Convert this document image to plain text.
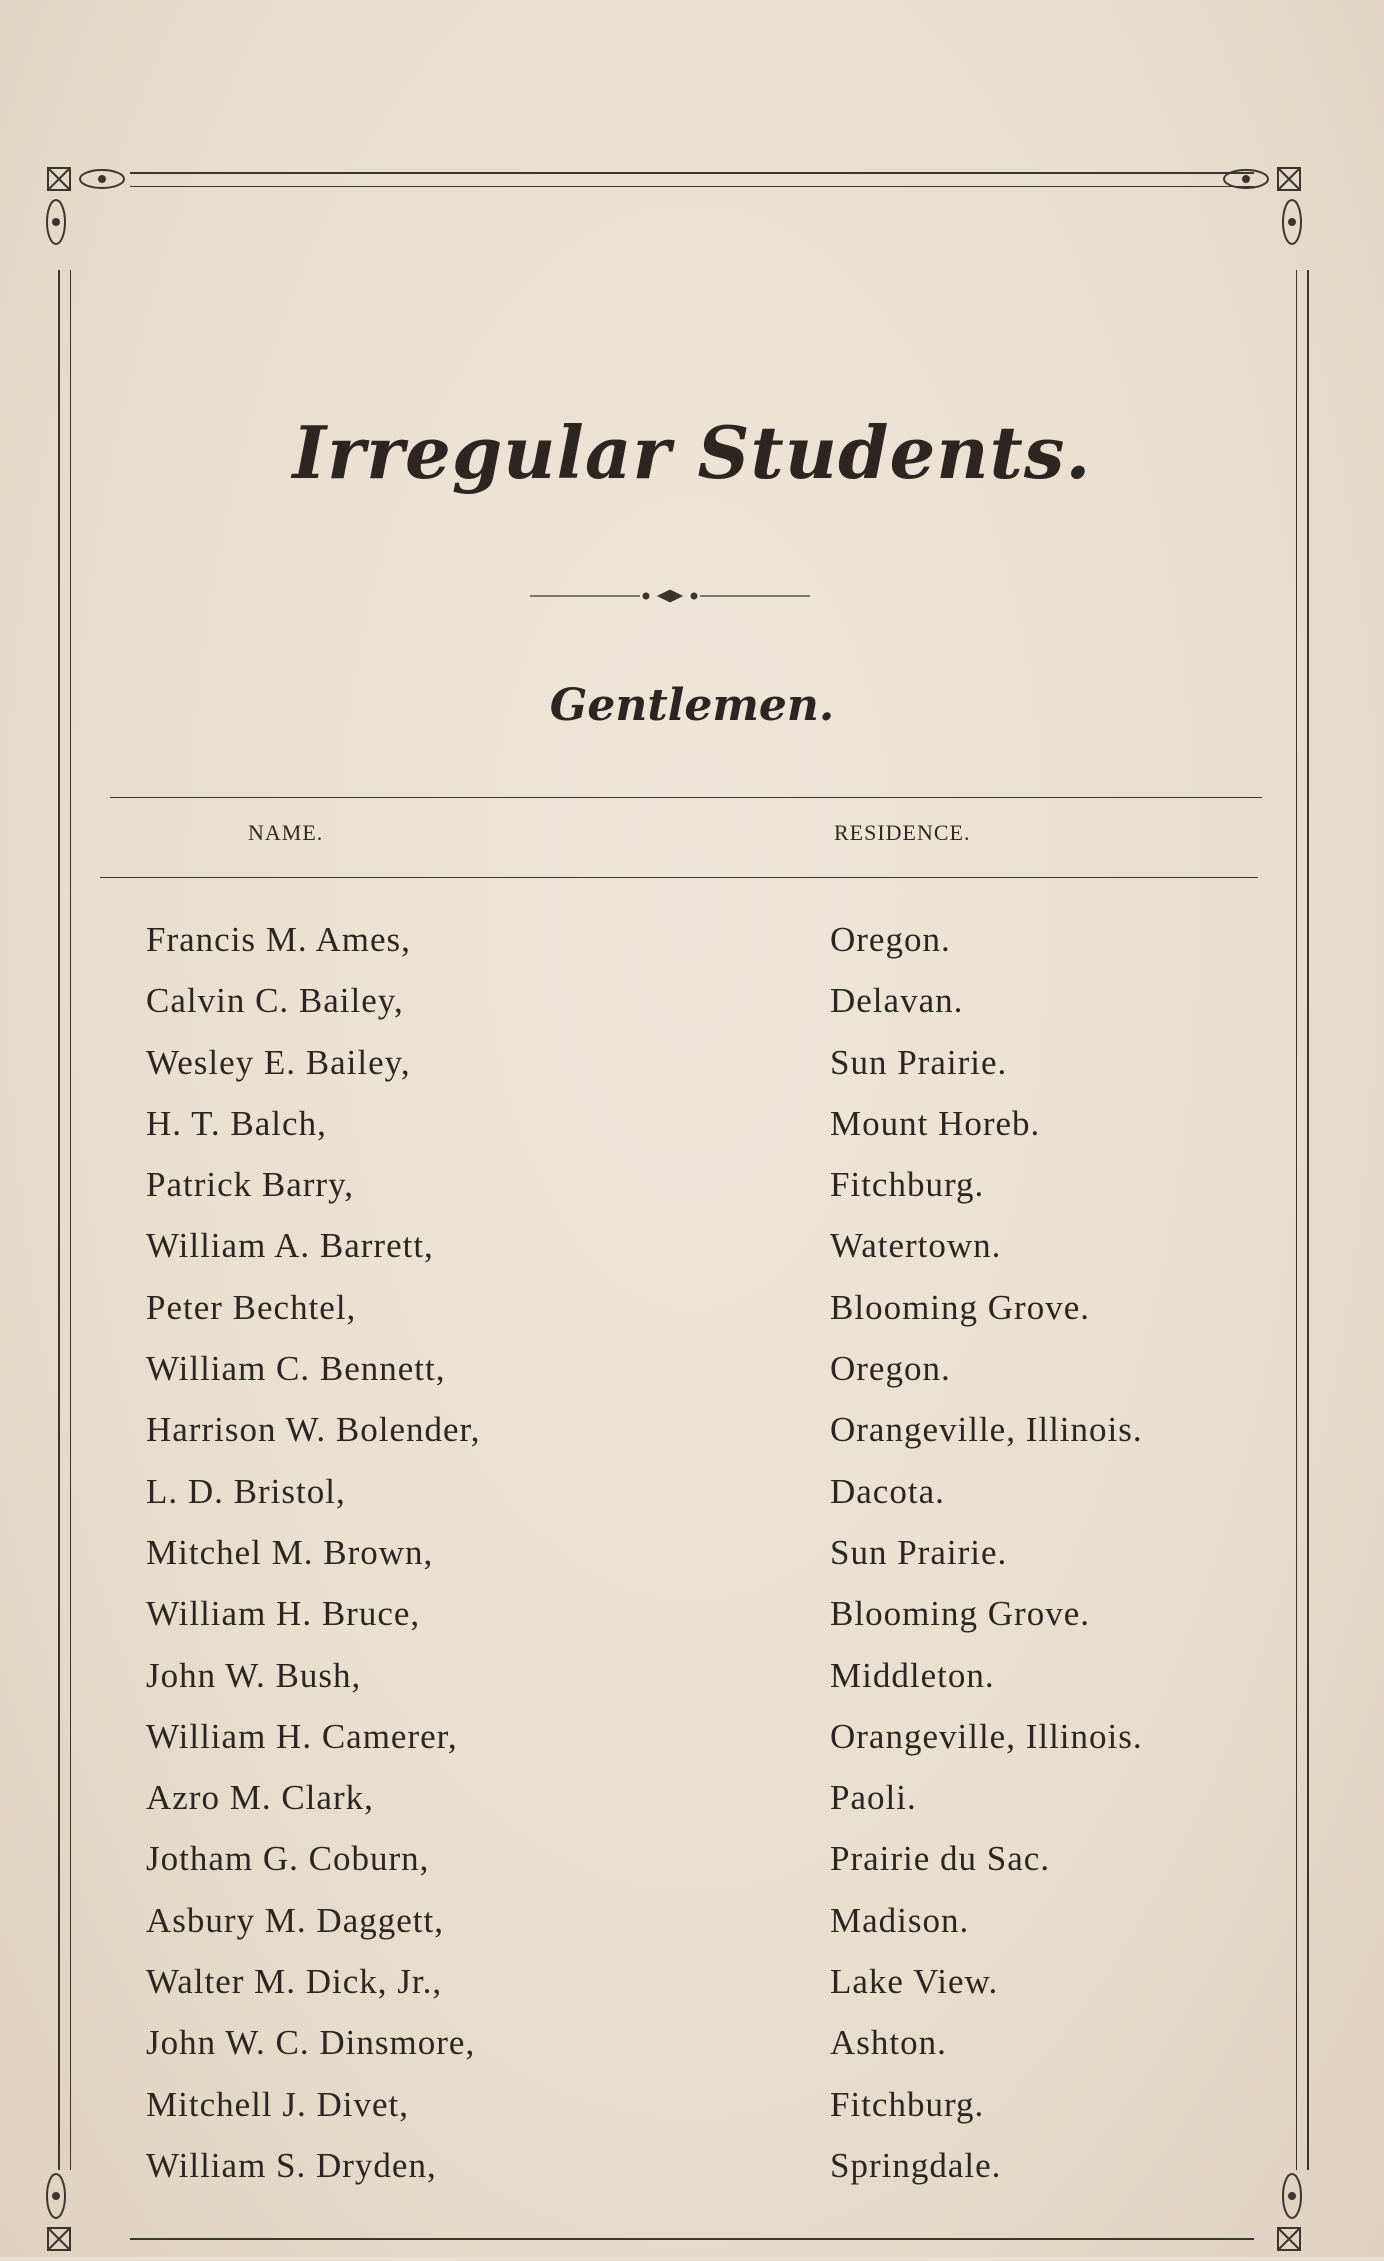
Irregular Students.
Gentlemen.
NAME.	RESIDENCE.
Francis M. Ames,	Oregon.
Calvin C. Bailey,	Delavan.
Wesley E. Bailey,	Sun Prairie.
H. T. Balch,	Mount Horeb.
Patrick Barry,	Fitchburg.
William A. Barrett,	Watertown.
Peter Bechtel,	Blooming Grove.
William C. Bennett,	Oregon.
Harrison W. Bolender,	Orangeville, Illinois.
L. D. Bristol,	Dacota.
Mitchel M. Brown,	Sun Prairie.
William H. Bruce,	Blooming Grove.
John W. Bush,	Middleton.
William H. Camerer,	Orangeville, Illinois.
Azro M. Clark,	Paoli.
Jotham G. Coburn,	Prairie du Sac.
Asbury M. Daggett,	Madison.
Walter M. Dick, Jr.,	Lake View.
John W. C. Dinsmore,	Ashton.
Mitchell J. Divet,	Fitchburg.
William S. Dryden,	Springdale.
